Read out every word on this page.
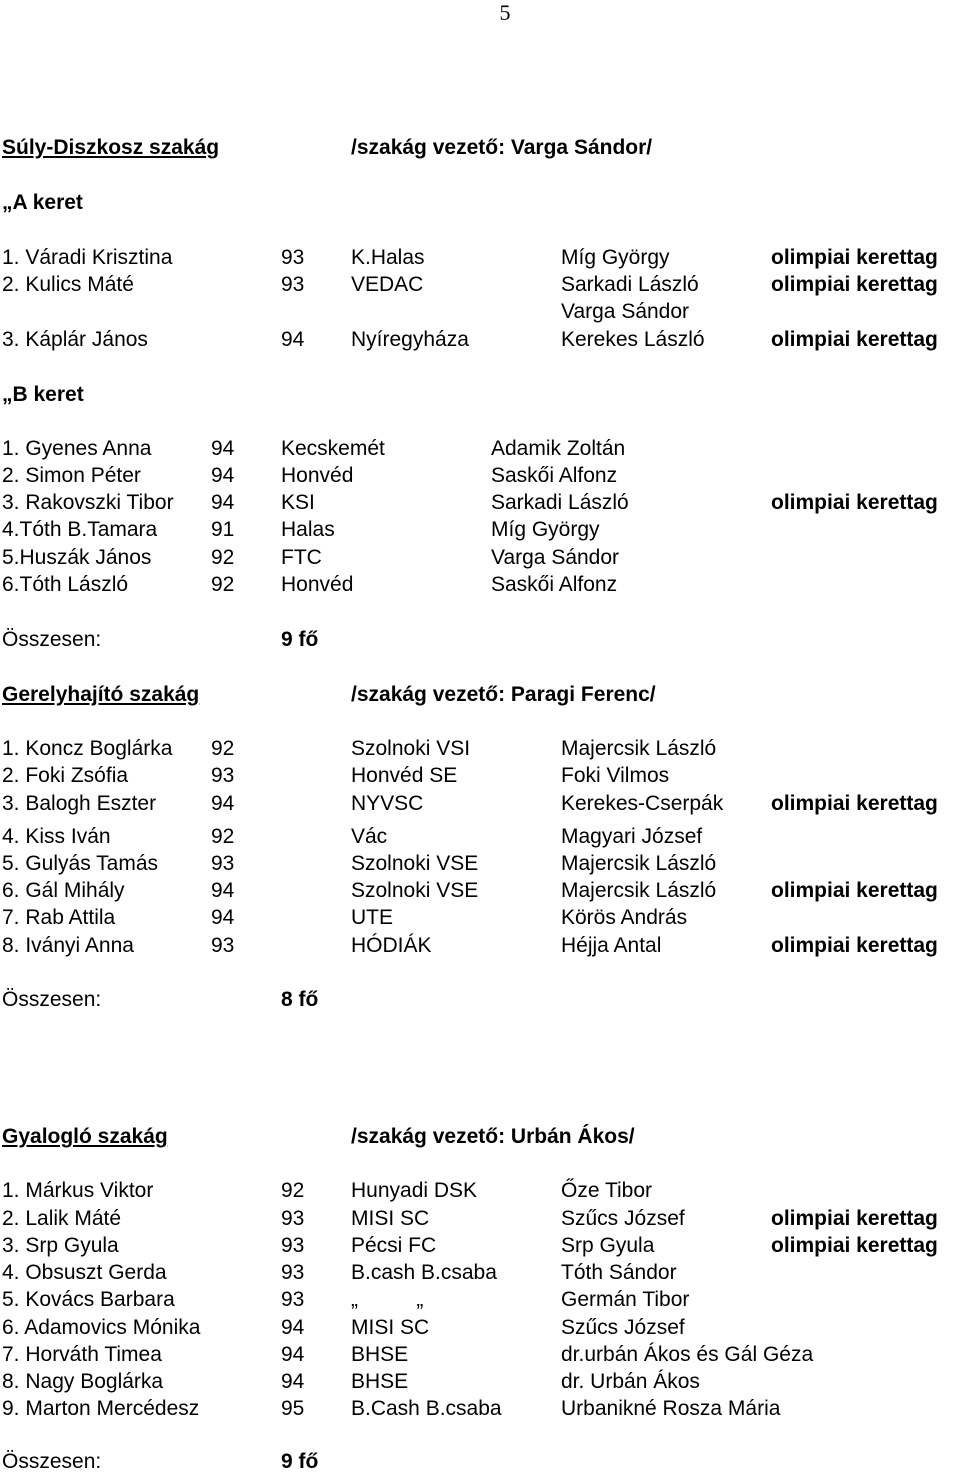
5
Súly-Diszkosz szakág	/szakág vezető: Varga Sándor/
„A keret
1. Váradi Krisztina	93 K.Halas	Míg György	olimpiai kerettag
2. Kulics Máté	93 VEDAC	Sarkadi László	olimpiai kerettag
Varga Sándor
3. Káplár János	94 Nyíregyháza	Kerekes László	olimpiai kerettag
„B keret
1. Gyenes Anna	94 Kecskemét	Adamik Zoltán
2. Simon Péter	94 Honvéd	Saskői Alfonz
3. Rakovszki Tibor 94 KSI	Sarkadi László	olimpiai kerettag
4.Tóth B.Tamara	91 Halas	Míg György
5.Huszák János	92 FTC	Varga Sándor
6.Tóth László	92 Honvéd	Saskői Alfonz
Összesen:	9 fő
Gerelyhajító szakág	/szakág vezető: Paragi Ferenc/
1. Koncz Boglárka 92	Szolnoki VSI	Majercsik László
2. Foki Zsófia	93	Honvéd SE	Foki Vilmos
3. Balogh Eszter	94	NYVSC	Kerekes-Cserpák olimpiai kerettag
4. Kiss Iván	92	Vác	Magyari József
5. Gulyás Tamás	93	Szolnoki VSE	Majercsik László
6. Gál Mihály	94	Szolnoki VSE	Majercsik László	olimpiai kerettag
7. Rab Attila	94	UTE	Körös András
8. Iványi Anna	93	HÓDIÁK	Héjja Antal	olimpiai kerettag
Összesen:	8 fő
Gyalogló szakág	/szakág vezető: Urbán Ákos/
1. Márkus Viktor	92 Hunyadi DSK	Őze Tibor
2. Lalik Máté	93 MISI SC	Szűcs József	olimpiai kerettag
3. Srp Gyula	93 Pécsi FC	Srp Gyula	olimpiai kerettag
4. Obsuszt Gerda	93 B.cash B.csaba	Tóth Sándor
5. Kovács Barbara	93 „          „	Germán Tibor
6. Adamovics Mónika	94 MISI SC	Szűcs József
7. Horváth Timea	94 BHSE	dr.urbán Ákos és Gál Géza
8. Nagy Boglárka	94 BHSE	dr. Urbán Ákos
9. Marton Mercédesz	95 B.Cash B.csaba	Urbanikné Rosza Mária
Összesen:	9 fő
